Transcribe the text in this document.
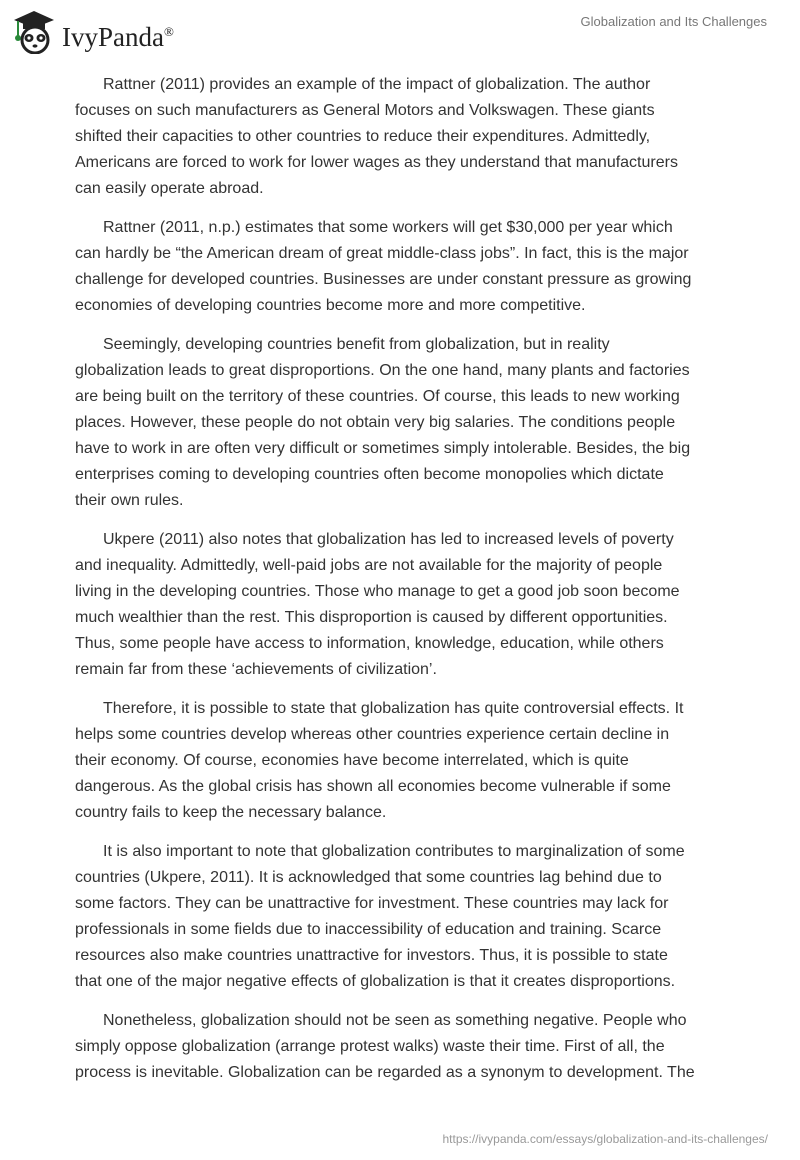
IvyPanda®
Globalization and Its Challenges

Rattner (2011) provides an example of the impact of globalization. The author
focuses on such manufacturers as General Motors and Volkswagen. These giants
shifted their capacities to other countries to reduce their expenditures. Admittedly,
Americans are forced to work for lower wages as they understand that manufacturers
can easily operate abroad.

Rattner (2011, n.p.) estimates that some workers will get $30,000 per year which
can hardly be “the American dream of great middle-class jobs”. In fact, this is the major
challenge for developed countries. Businesses are under constant pressure as growing
economies of developing countries become more and more competitive.

Seemingly, developing countries benefit from globalization, but in reality
globalization leads to great disproportions. On the one hand, many plants and factories
are being built on the territory of these countries. Of course, this leads to new working
places. However, these people do not obtain very big salaries. The conditions people
have to work in are often very difficult or sometimes simply intolerable. Besides, the big
enterprises coming to developing countries often become monopolies which dictate
their own rules.

Ukpere (2011) also notes that globalization has led to increased levels of poverty
and inequality. Admittedly, well-paid jobs are not available for the majority of people
living in the developing countries. Those who manage to get a good job soon become
much wealthier than the rest. This disproportion is caused by different opportunities.
Thus, some people have access to information, knowledge, education, while others
remain far from these ‘achievements of civilization’.

Therefore, it is possible to state that globalization has quite controversial effects. It
helps some countries develop whereas other countries experience certain decline in
their economy. Of course, economies have become interrelated, which is quite
dangerous. As the global crisis has shown all economies become vulnerable if some
country fails to keep the necessary balance.

It is also important to note that globalization contributes to marginalization of some
countries (Ukpere, 2011). It is acknowledged that some countries lag behind due to
some factors. They can be unattractive for investment. These countries may lack for
professionals in some fields due to inaccessibility of education and training. Scarce
resources also make countries unattractive for investors. Thus, it is possible to state
that one of the major negative effects of globalization is that it creates disproportions.

Nonetheless, globalization should not be seen as something negative. People who
simply oppose globalization (arrange protest walks) waste their time. First of all, the
process is inevitable. Globalization can be regarded as a synonym to development. The

https://ivypanda.com/essays/globalization-and-its-challenges/
